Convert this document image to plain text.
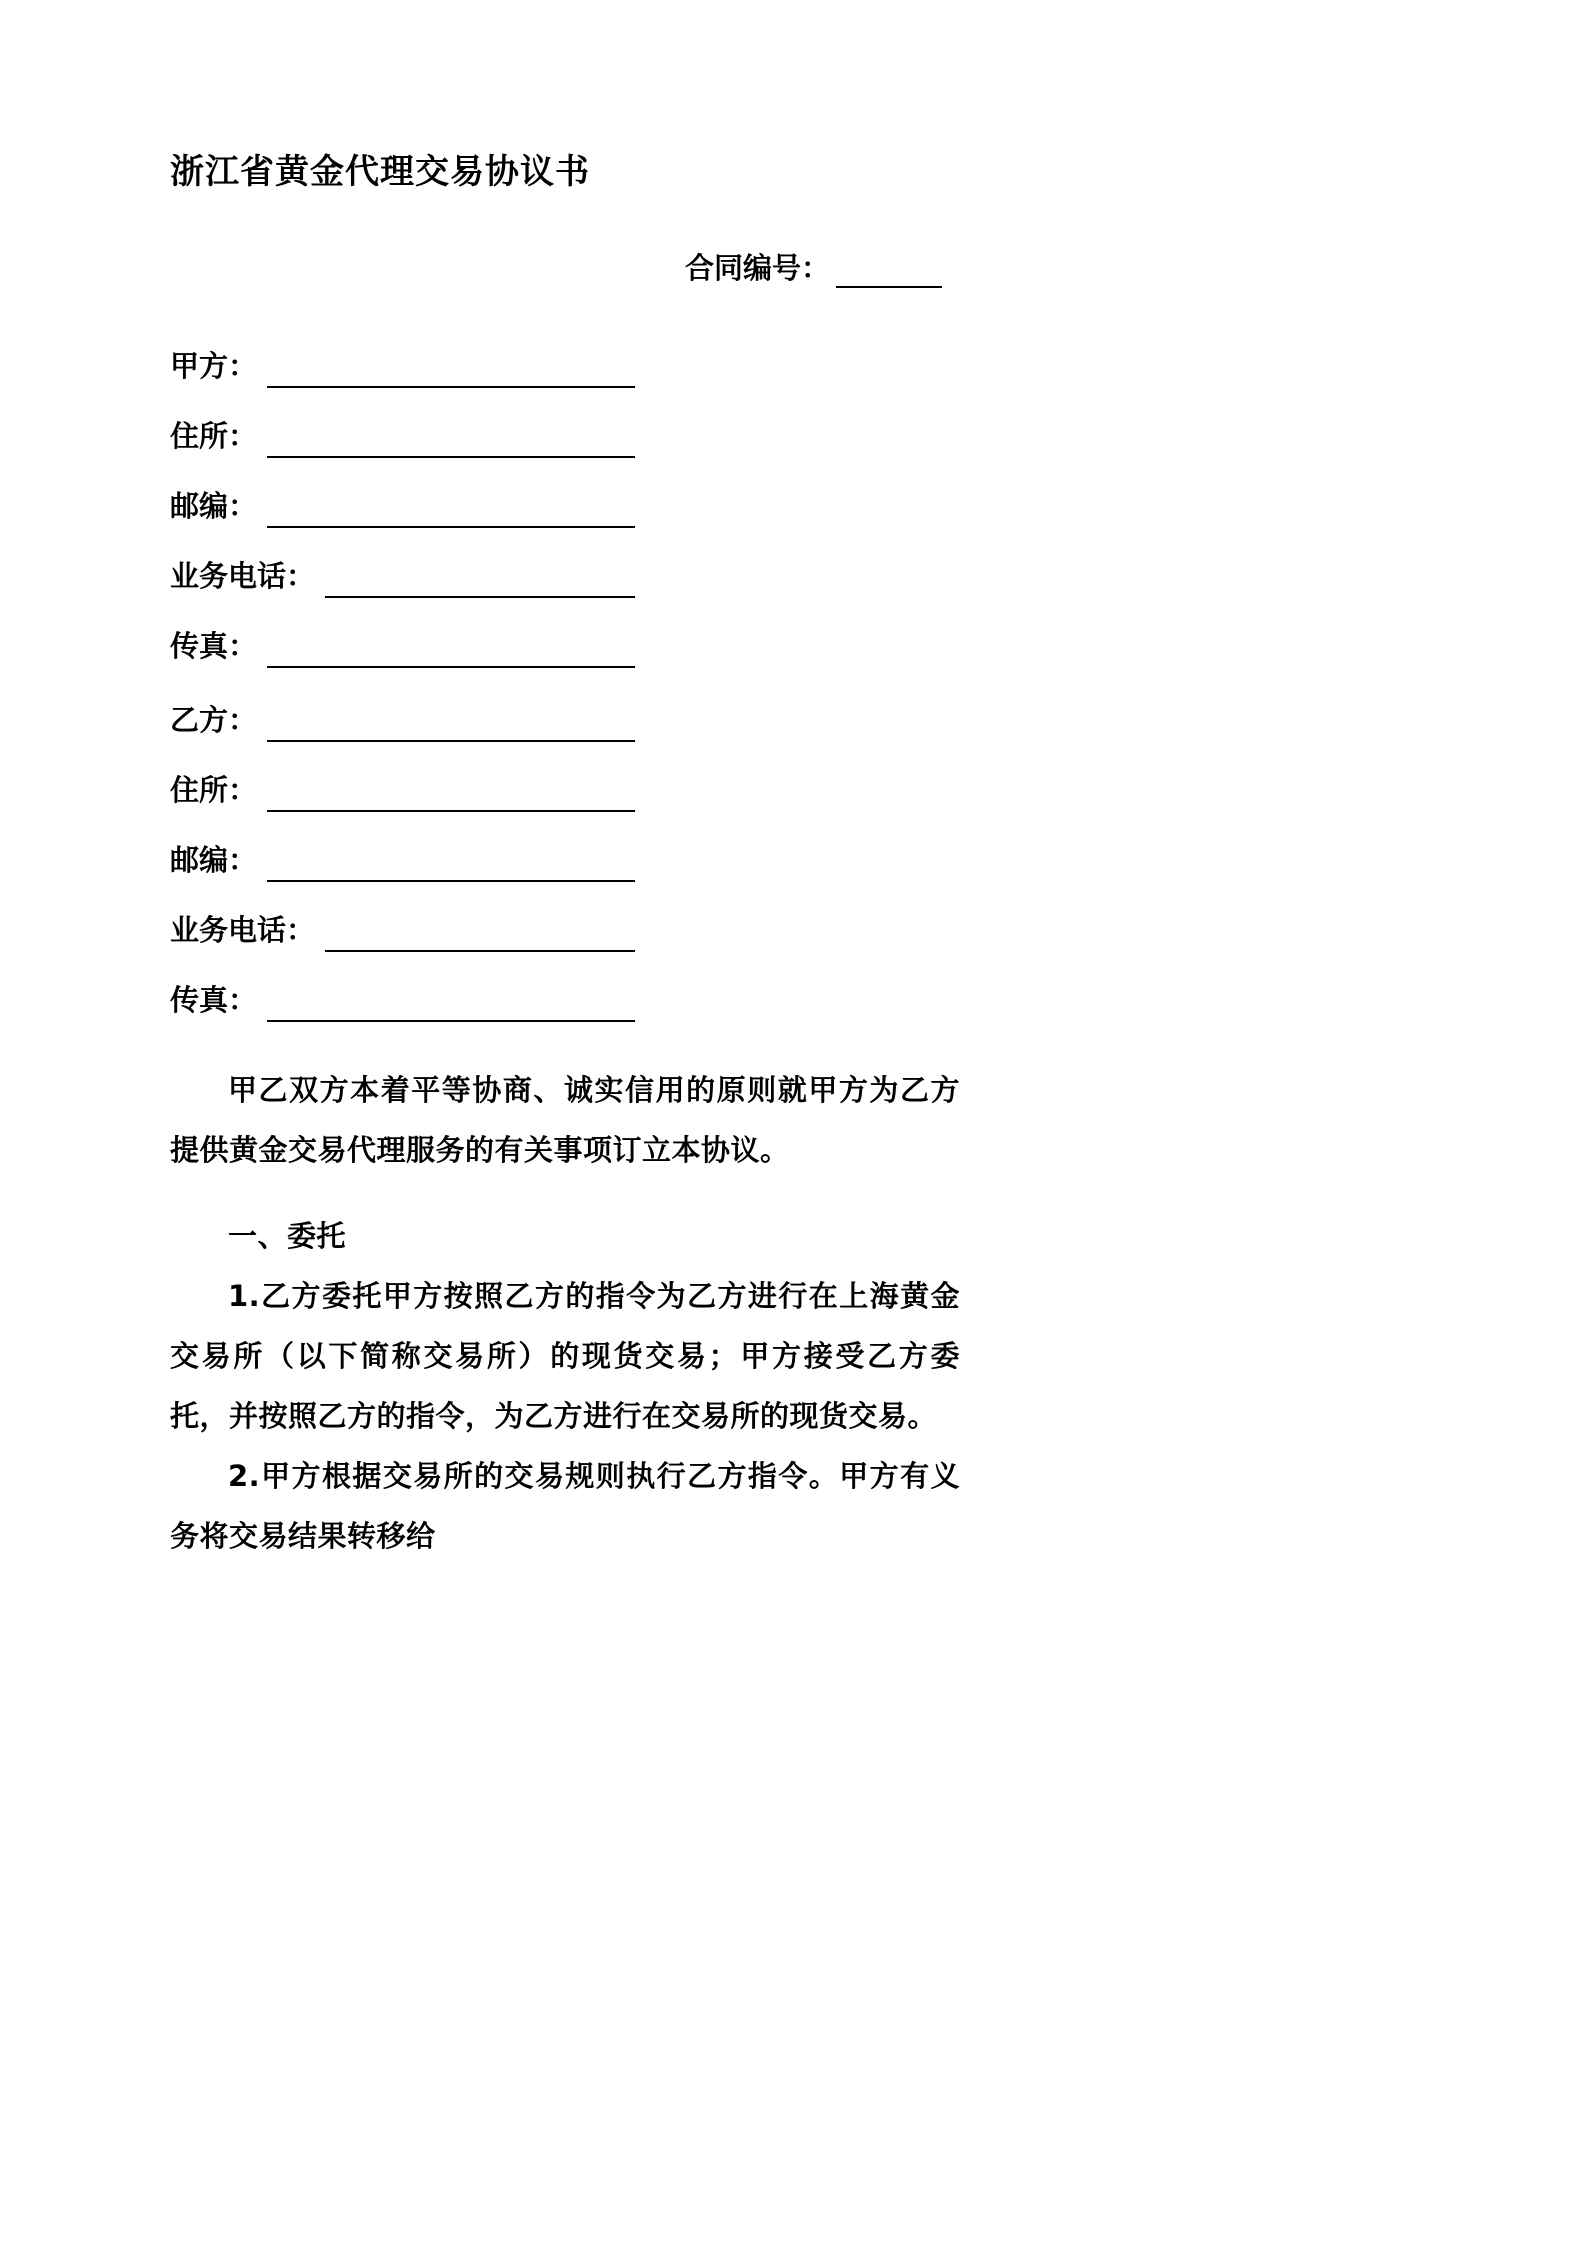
浙江省黄金代理交易协议书
合同编号：
甲方：
住所：
邮编：
业务电话：
传真：
乙方：
住所：
邮编：
业务电话：
传真：

甲乙双方本着平等协商、诚实信用的原则就甲方为乙方提供黄金交易代理服务的有关事项订立本协议。

一、委托

1.乙方委托甲方按照乙方的指令为乙方进行在上海黄金交易所（以下简称交易所）的现货交易；甲方接受乙方委托，并按照乙方的指令，为乙方进行在交易所的现货交易。

2.甲方根据交易所的交易规则执行乙方指令。甲方有义务将交易结果转移给
